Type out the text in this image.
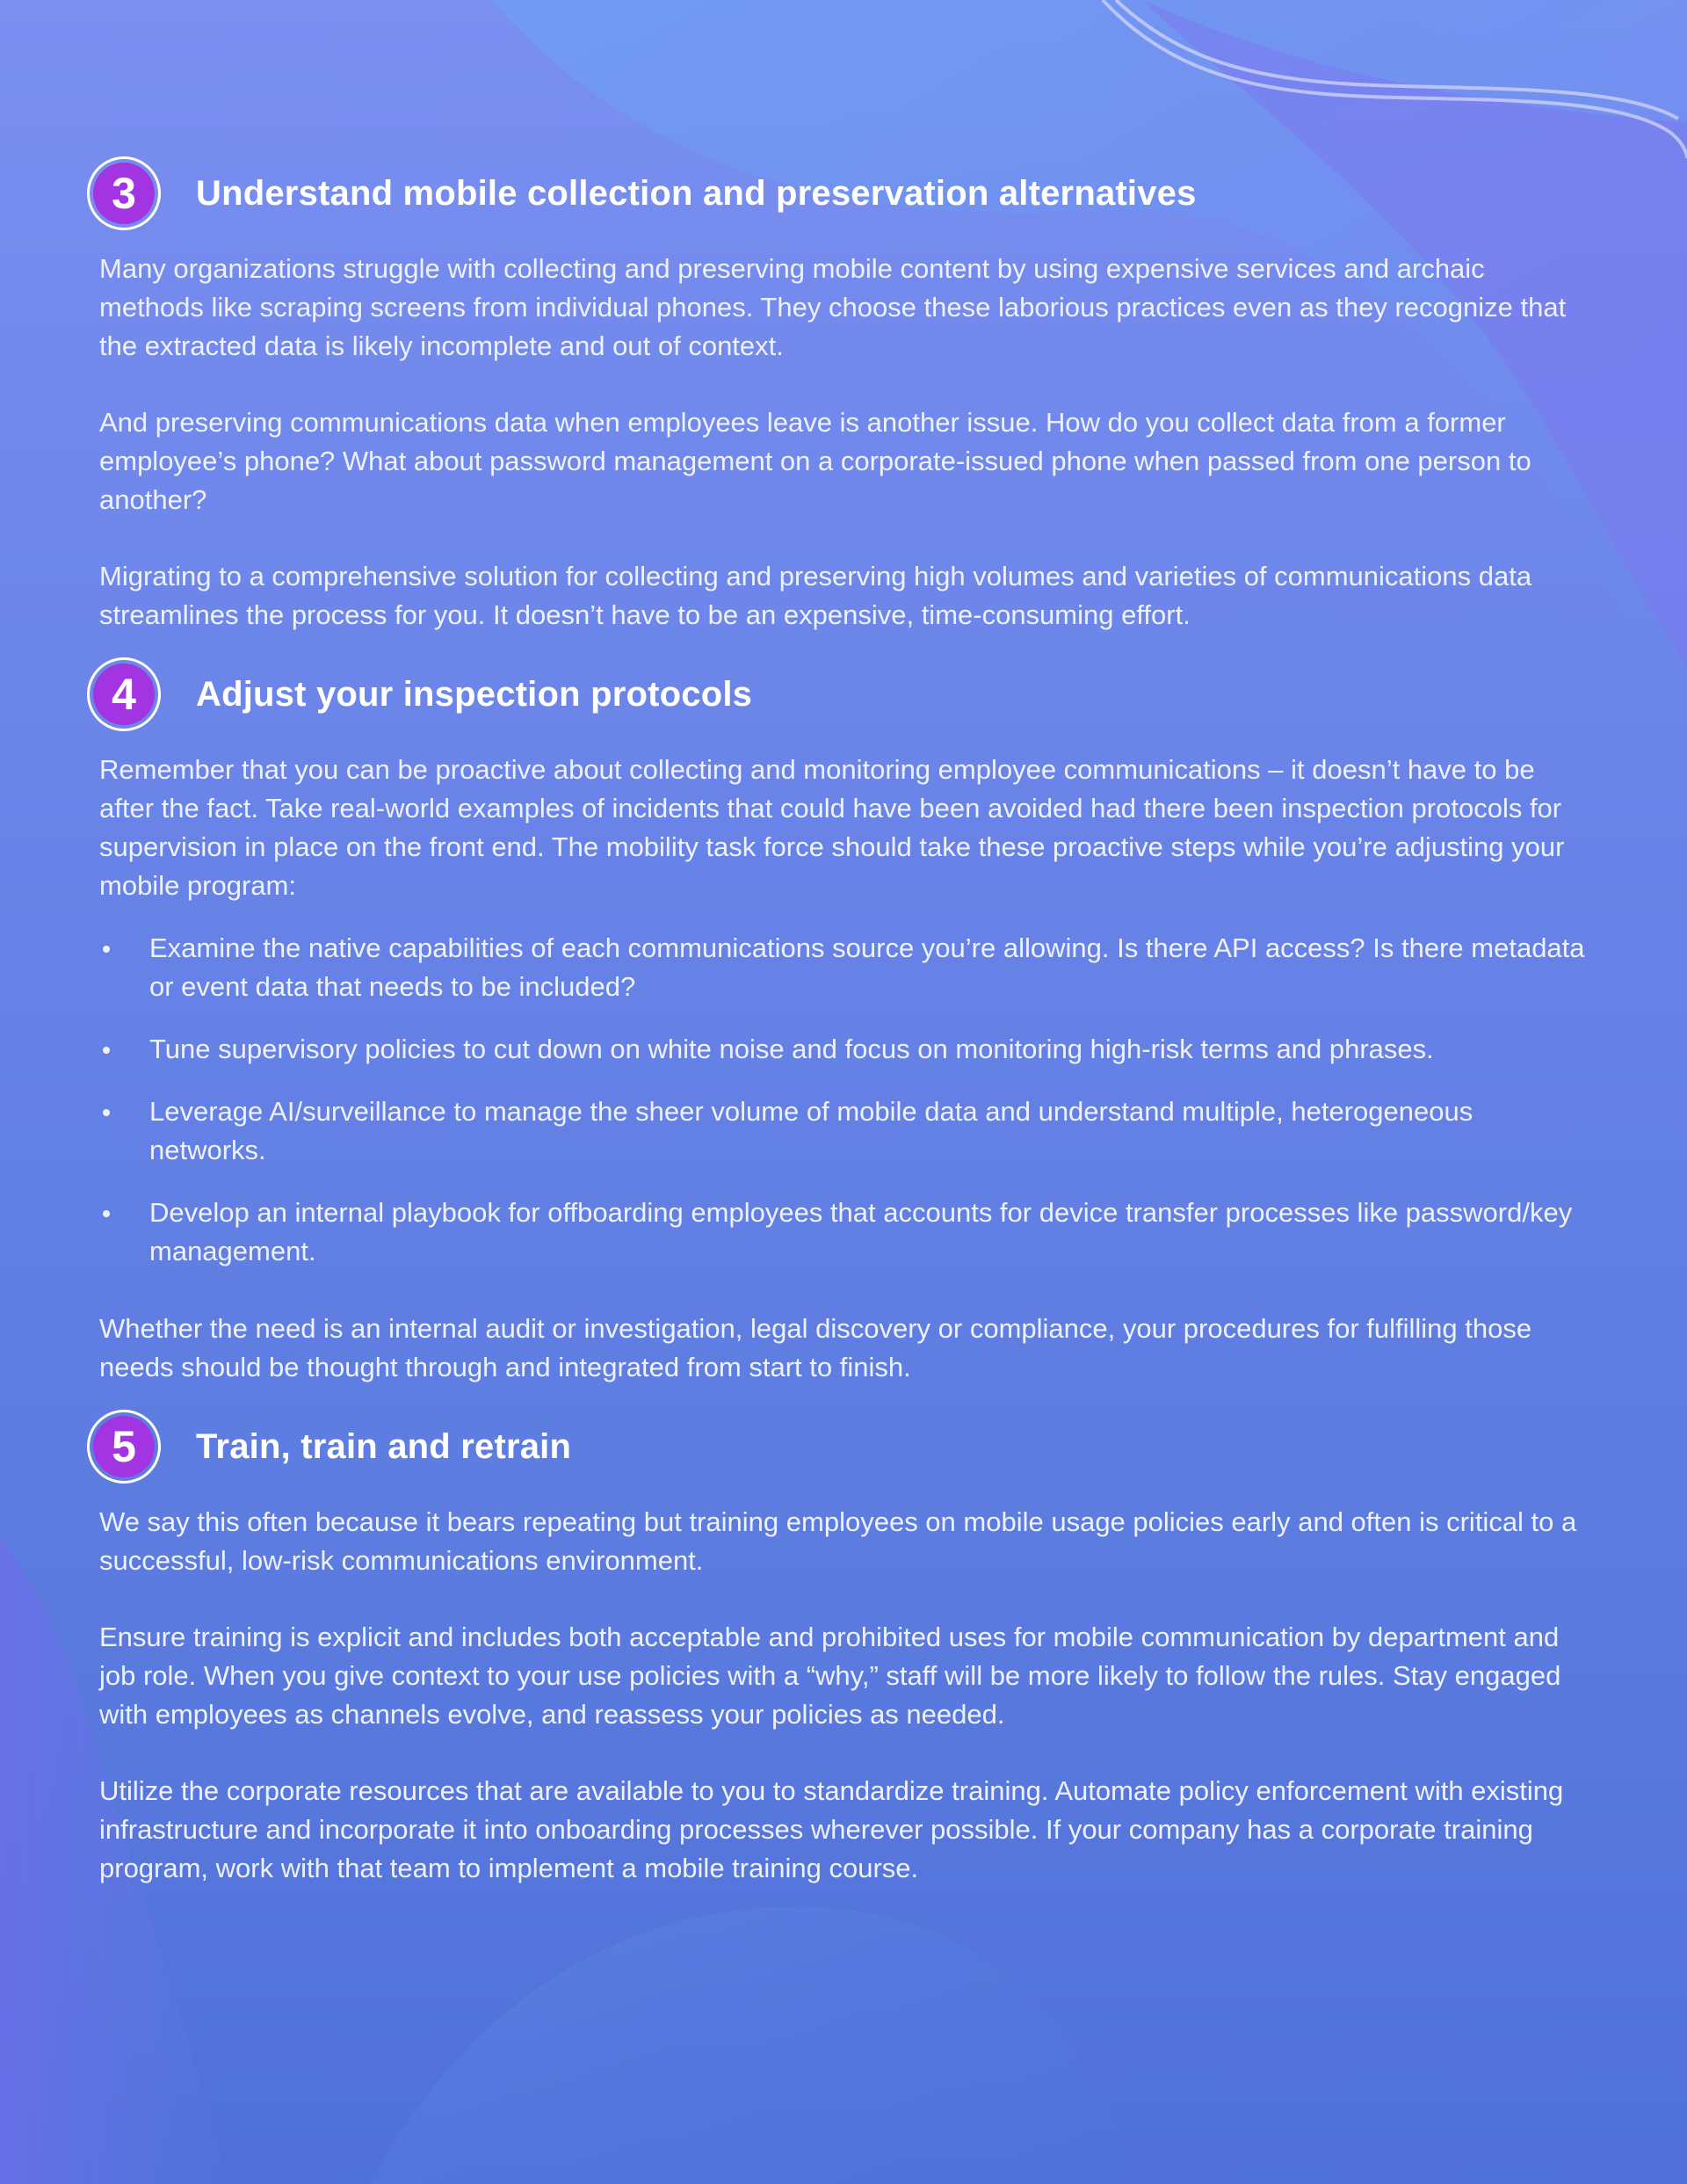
3	Understand mobile collection and preservation alternatives

Many organizations struggle with collecting and preserving mobile content by using expensive services and archaic methods like scraping screens from individual phones. They choose these laborious practices even as they recognize that the extracted data is likely incomplete and out of context.

And preserving communications data when employees leave is another issue. How do you collect data from a former employee’s phone? What about password management on a corporate-issued phone when passed from one person to another?

Migrating to a comprehensive solution for collecting and preserving high volumes and varieties of communications data streamlines the process for you. It doesn’t have to be an expensive, time-consuming effort.

4	Adjust your inspection protocols

Remember that you can be proactive about collecting and monitoring employee communications – it doesn’t have to be after the fact. Take real-world examples of incidents that could have been avoided had there been inspection protocols for supervision in place on the front end. The mobility task force should take these proactive steps while you’re adjusting your mobile program:

Examine the native capabilities of each communications source you’re allowing. Is there API access? Is there metadata or event data that needs to be included?
Tune supervisory policies to cut down on white noise and focus on monitoring high-risk terms and phrases.
Leverage AI/surveillance to manage the sheer volume of mobile data and understand multiple, heterogeneous networks.
Develop an internal playbook for offboarding employees that accounts for device transfer processes like password/key management.

Whether the need is an internal audit or investigation, legal discovery or compliance, your procedures for fulfilling those needs should be thought through and integrated from start to finish.

5	Train, train and retrain

We say this often because it bears repeating but training employees on mobile usage policies early and often is critical to a successful, low-risk communications environment.

Ensure training is explicit and includes both acceptable and prohibited uses for mobile communication by department and job role. When you give context to your use policies with a “why,” staff will be more likely to follow the rules. Stay engaged with employees as channels evolve, and reassess your policies as needed.

Utilize the corporate resources that are available to you to standardize training. Automate policy enforcement with existing infrastructure and incorporate it into onboarding processes wherever possible. If your company has a corporate training program, work with that team to implement a mobile training course.
